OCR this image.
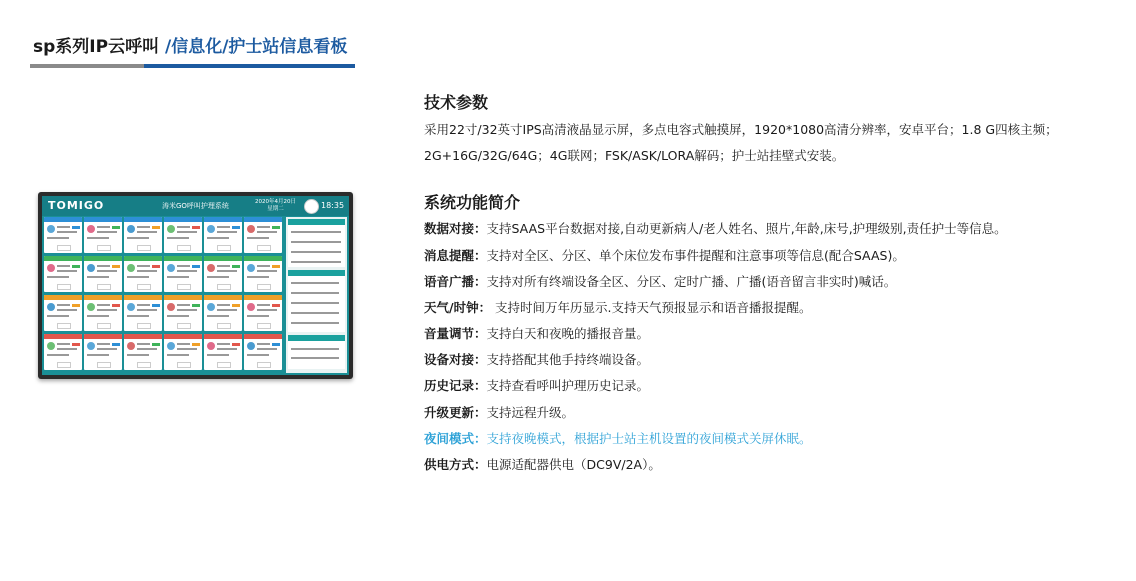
sp系列IP云呼叫 /信息化/护士站信息看板
技术参数
采用22寸/32英寸IPS高清液晶显示屏，多点电容式触摸屏，1920*1080高清分辨率，安卓平台；1.8 G四核主频；
2G+16G/32G/64G；4G联网；FSK/ASK/LORA解码；护士站挂壁式安装。
系统功能简介
数据对接：支持SAAS平台数据对接,自动更新病人/老人姓名、照片,年龄,床号,护理级别,责任护士等信息。
消息提醒：支持对全区、分区、单个床位发布事件提醒和注意事项等信息(配合SAAS)。
语音广播：支持对所有终端设备全区、分区、定时广播、广播(语音留言非实时)喊话。
天气/时钟： 支持时间万年历显示.支持天气预报显示和语音播报提醒。
音量调节：支持白天和夜晚的播报音量。
设备对接：支持搭配其他手持终端设备。
历史记录：支持查看呼叫护理历史记录。
升级更新：支持远程升级。
夜间模式：支持夜晚模式，根据护士站主机设置的夜间模式关屏休眠。
供电方式：电源适配器供电（DC9V/2A）。
TOMIGO	涛米GO呼叫护理系统	2020年4月20日
星期二	18:35
